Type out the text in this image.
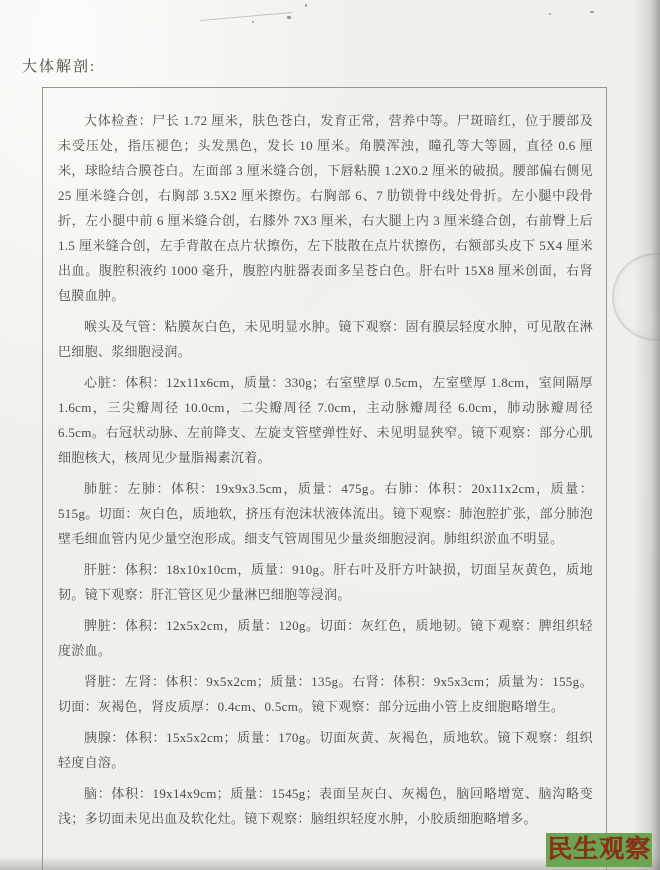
大体解剖:

大体检查：尸长 1.72 厘米，肤色苍白，发育正常，营养中等。尸斑暗红，位于腰部及未受压处，指压褪色；头发黑色，发长 10 厘米。角膜浑浊，瞳孔等大等圆，直径 0.6 厘米，球睑结合膜苍白。左面部 3 厘米缝合创，下唇粘膜 1.2X0.2 厘米的破损。腰部偏右侧见 25 厘米缝合创，右胸部 3.5X2 厘米擦伤。右胸部 6、7 肋锁骨中线处骨折。左小腿中段骨折，左小腿中前 6 厘米缝合创，右膝外 7X3 厘米，右大腿上内 3 厘米缝合创，右前臀上后 1.5 厘米缝合创，左手背散在点片状擦伤，左下肢散在点片状擦伤，右额部头皮下 5X4 厘米出血。腹腔积液约 1000 毫升，腹腔内脏器表面多呈苍白色。肝右叶 15X8 厘米创面，右肾包膜血肿。

喉头及气管：粘膜灰白色，未见明显水肿。镜下观察：固有膜层轻度水肿，可见散在淋巴细胞、浆细胞浸润。

心脏：体积：12x11x6cm，质量：330g；右室壁厚 0.5cm，左室壁厚 1.8cm，室间隔厚 1.6cm，三尖瓣周径 10.0cm，二尖瓣周径 7.0cm，主动脉瓣周径 6.0cm，肺动脉瓣周径 6.5cm。右冠状动脉、左前降支、左旋支管壁弹性好、未见明显狭窄。镜下观察：部分心肌细胞核大，核周见少量脂褐素沉着。

肺脏：左肺：体积：19x9x3.5cm，质量：475g。右肺：体积：20x11x2cm，质量：515g。切面：灰白色，质地软，挤压有泡沫状液体流出。镜下观察：肺泡腔扩张，部分肺泡壁毛细血管内见少量空泡形成。细支气管周围见少量炎细胞浸润。肺组织淤血不明显。

肝脏：体积：18x10x10cm，质量：910g。肝右叶及肝方叶缺损，切面呈灰黄色，质地韧。镜下观察：肝汇管区见少量淋巴细胞等浸润。

脾脏：体积：12x5x2cm，质量：120g。切面：灰红色，质地韧。镜下观察：脾组织轻度淤血。

肾脏：左肾：体积：9x5x2cm；质量：135g。右肾：体积：9x5x3cm；质量为：155g。切面：灰褐色，肾皮质厚：0.4cm、0.5cm。镜下观察：部分远曲小管上皮细胞略增生。

胰腺：体积：15x5x2cm；质量：170g。切面灰黄、灰褐色，质地软。镜下观察：组织轻度自溶。

脑：体积：19x14x9cm；质量：1545g；表面呈灰白、灰褐色，脑回略增宽、脑沟略变浅；多切面未见出血及软化灶。镜下观察：脑组织轻度水肿，小胶质细胞略增多。

民生观察
